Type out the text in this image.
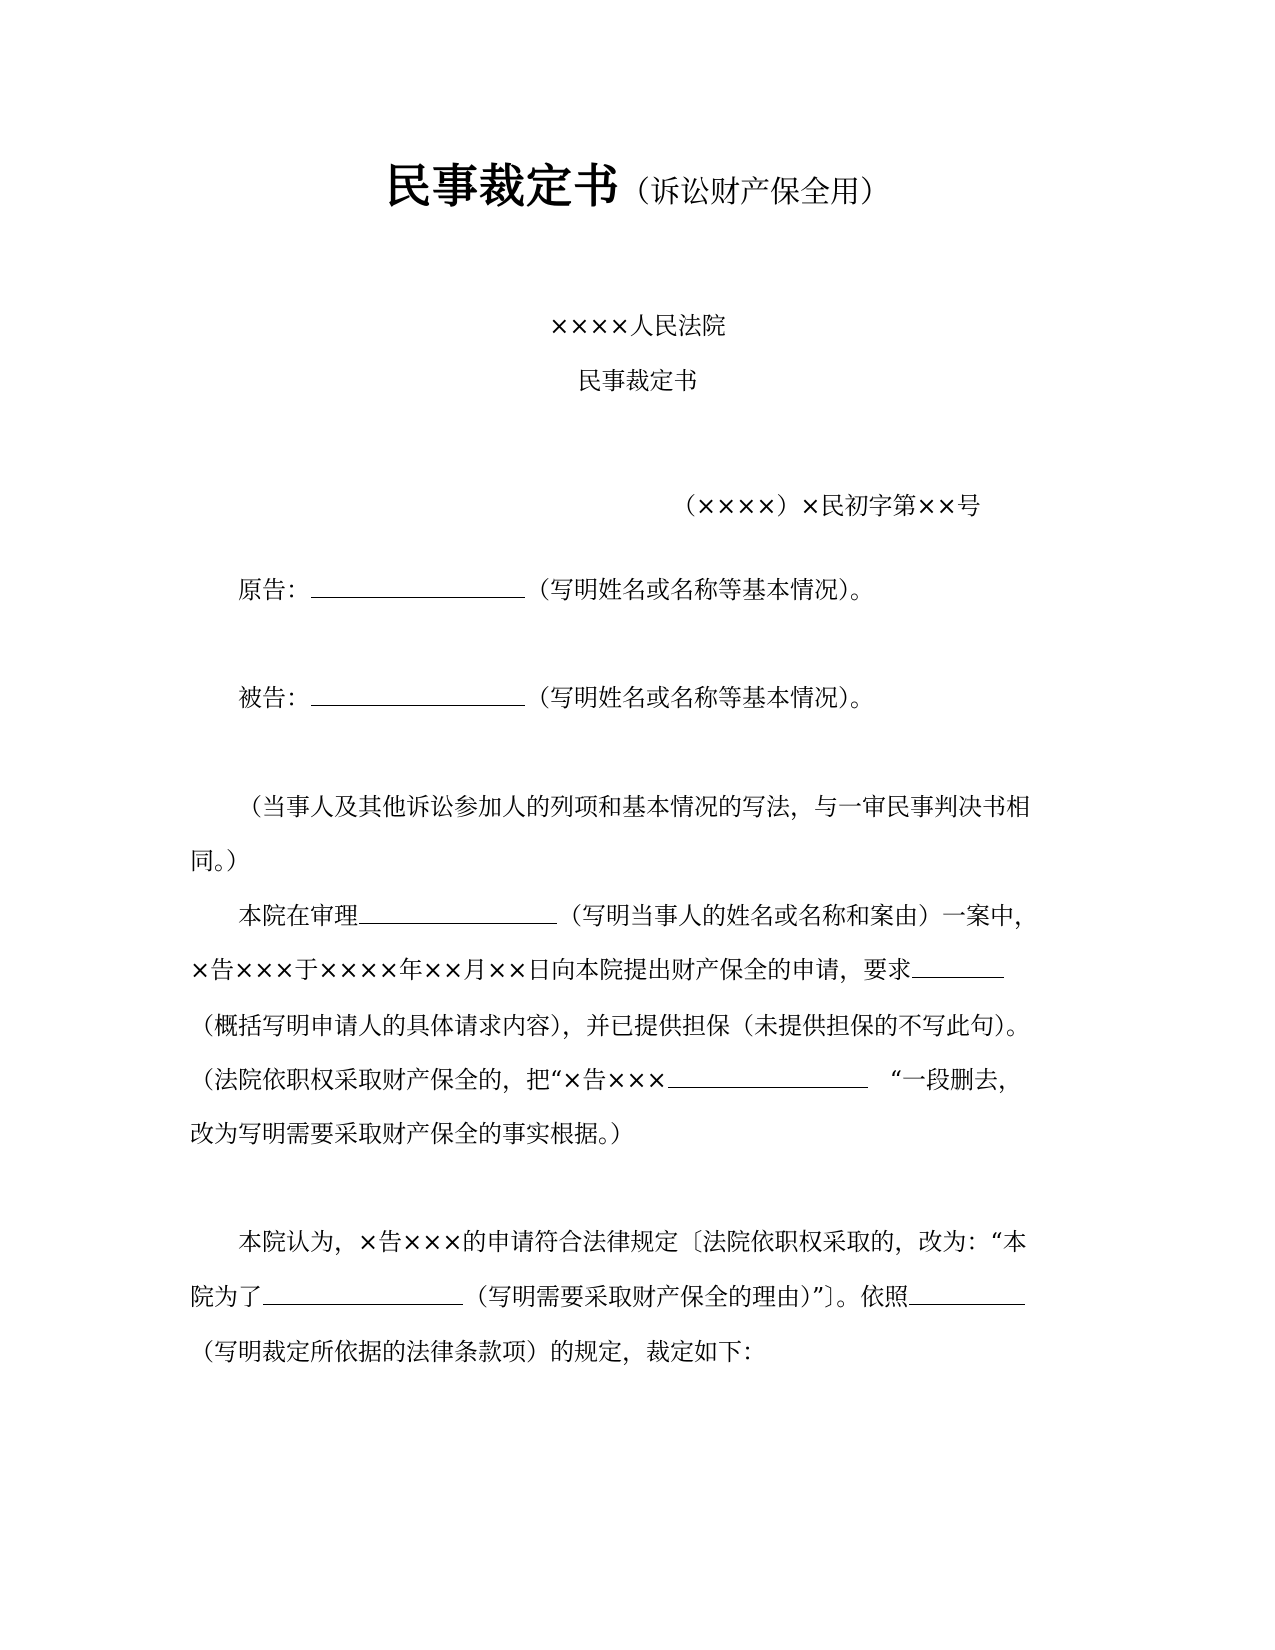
民事裁定书（诉讼财产保全用）
××××人民法院
民事裁定书
（××××）×民初字第××号
原告：	（写明姓名或名称等基本情况）。
被告：	（写明姓名或名称等基本情况）。
（当事人及其他诉讼参加人的列项和基本情况的写法，与一审民事判决书相
同。）
本院在审理	（写明当事人的姓名或名称和案由）一案中，
×告×××于××××年××月××日向本院提出财产保全的申请，要求
（概括写明申请人的具体请求内容），并已提供担保（未提供担保的不写此句）。
（法院依职权采取财产保全的，把“×告×××	“一段删去，
改为写明需要采取财产保全的事实根据。）
本院认为，×告×××的申请符合法律规定〔法院依职权采取的，改为：“本
院为了	（写明需要采取财产保全的理由）”〕。依照
（写明裁定所依据的法律条款项）的规定，裁定如下：
